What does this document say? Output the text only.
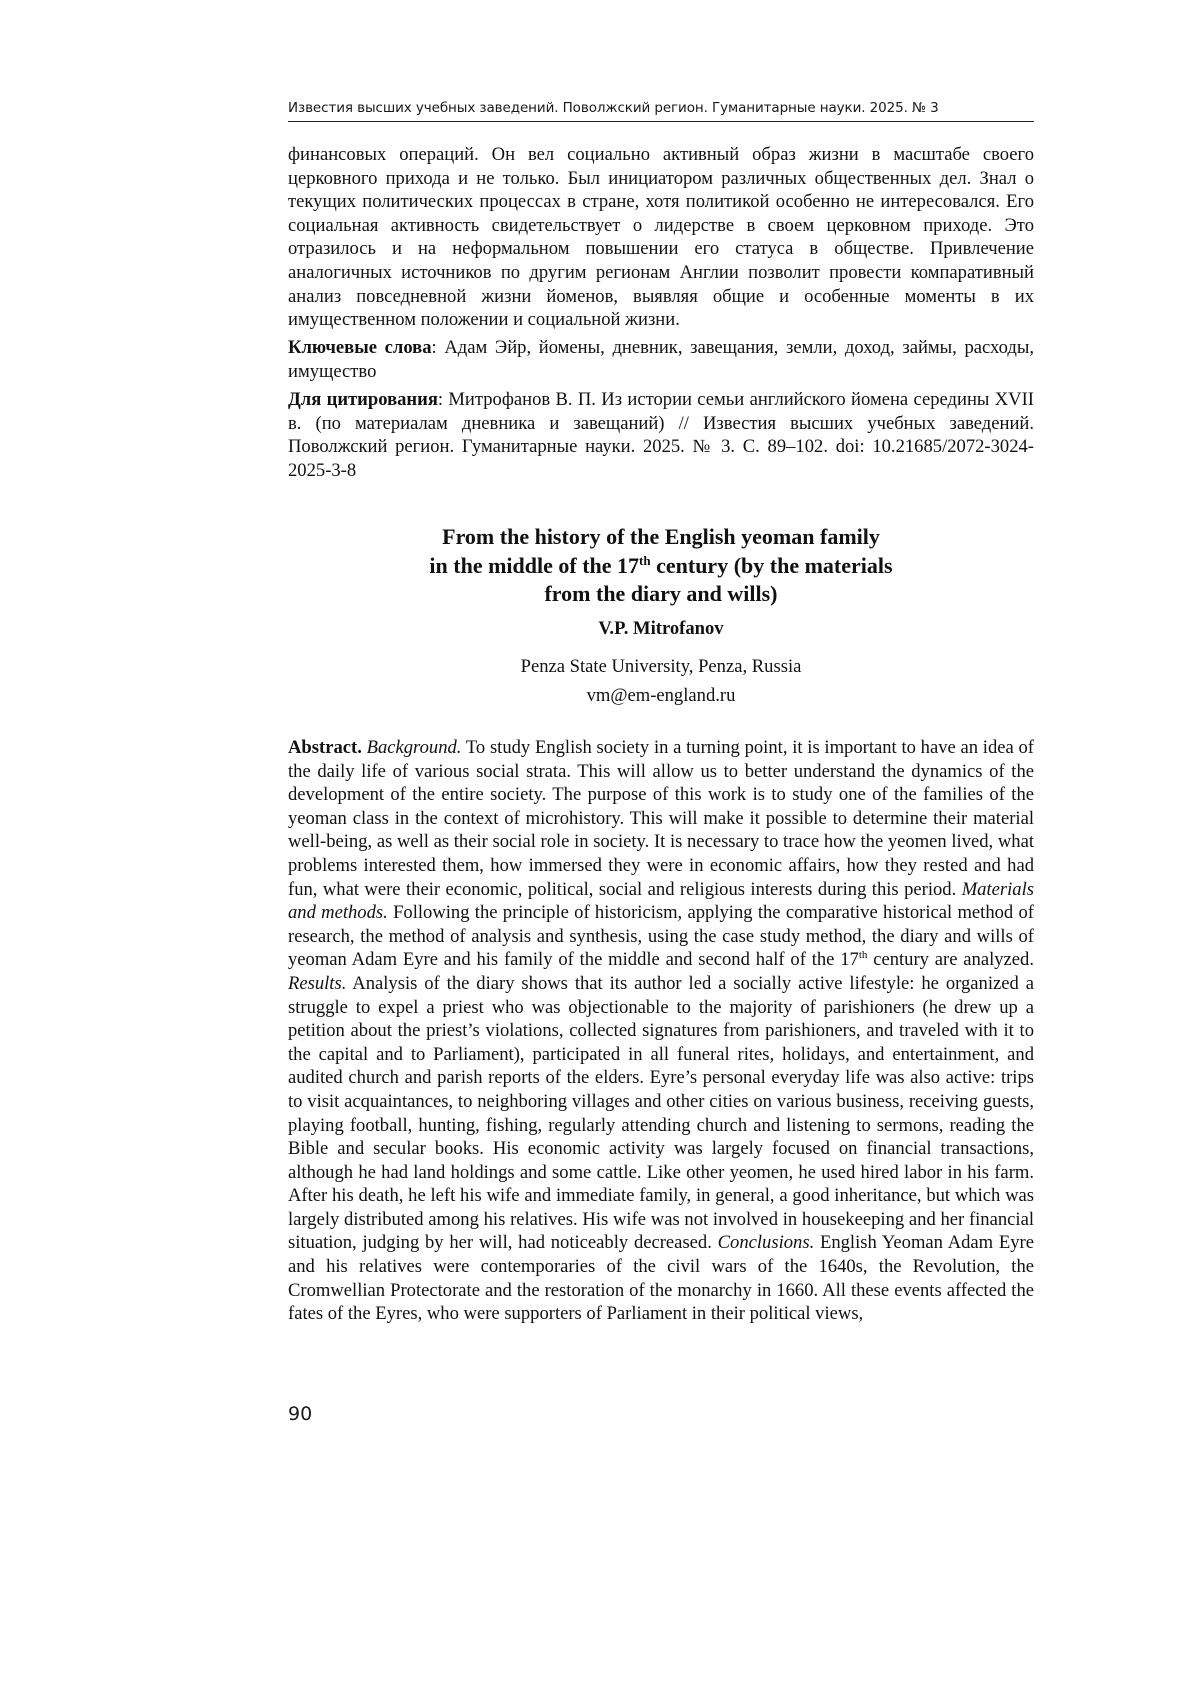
Известия высших учебных заведений. Поволжский регион. Гуманитарные науки. 2025. № 3

финансовых операций. Он вел социально активный образ жизни в масштабе своего церковного прихода и не только. Был инициатором различных общественных дел. Знал о текущих политических процессах в стране, хотя политикой особенно не интересовался. Его социальная активность свидетельствует о лидерстве в своем церковном приходе. Это отразилось и на неформальном повышении его статуса в обществе. Привлечение аналогичных источников по другим регионам Англии позволит провести компаративный анализ повседневной жизни йоменов, выявляя общие и особенные моменты в их имущественном положении и социальной жизни.

Ключевые слова: Адам Эйр, йомены, дневник, завещания, земли, доход, займы, расходы, имущество

Для цитирования: Митрофанов В. П. Из истории семьи английского йомена середины XVII в. (по материалам дневника и завещаний) // Известия высших учебных заведений. Поволжский регион. Гуманитарные науки. 2025. № 3. С. 89–102. doi: 10.21685/2072-3024-2025-3-8

From the history of the English yeoman family
in the middle of the 17th century (by the materials
from the diary and wills)
V.P. Mitrofanov
Penza State University, Penza, Russia
vm@em-england.ru

Abstract. Background. To study English society in a turning point, it is important to have an idea of the daily life of various social strata. This will allow us to better understand the dynamics of the development of the entire society. The purpose of this work is to study one of the families of the yeoman class in the context of microhistory. This will make it possible to determine their material well-being, as well as their social role in society. It is necessary to trace how the yeomen lived, what problems interested them, how immersed they were in economic affairs, how they rested and had fun, what were their economic, political, social and religious interests during this period. Materials and methods. Following the principle of historicism, applying the comparative historical method of research, the method of analysis and synthesis, using the case study method, the diary and wills of yeoman Adam Eyre and his family of the middle and second half of the 17th century are analyzed. Results. Analysis of the diary shows that its author led a socially active lifestyle: he organized a struggle to expel a priest who was objectionable to the majority of parishioners (he drew up a petition about the priest’s violations, collected signatures from parishioners, and traveled with it to the capital and to Parliament), participated in all funeral rites, holidays, and entertainment, and audited church and parish reports of the elders. Eyre’s personal everyday life was also active: trips to visit acquaintances, to neighboring villages and other cities on various business, receiving guests, playing football, hunting, fishing, regularly attending church and listening to sermons, reading the Bible and secular books. His economic activity was largely focused on financial transactions, although he had land holdings and some cattle. Like other yeomen, he used hired labor in his farm. After his death, he left his wife and immediate family, in general, a good inheritance, but which was largely distributed among his relatives. His wife was not involved in housekeeping and her financial situation, judging by her will, had noticeably decreased. Conclusions. English Yeoman Adam Eyre and his relatives were contemporaries of the civil wars of the 1640s, the Revolution, the Cromwellian Protectorate and the restoration of the monarchy in 1660. All these events affected the fates of the Eyres, who were supporters of Parliament in their political views,

90
